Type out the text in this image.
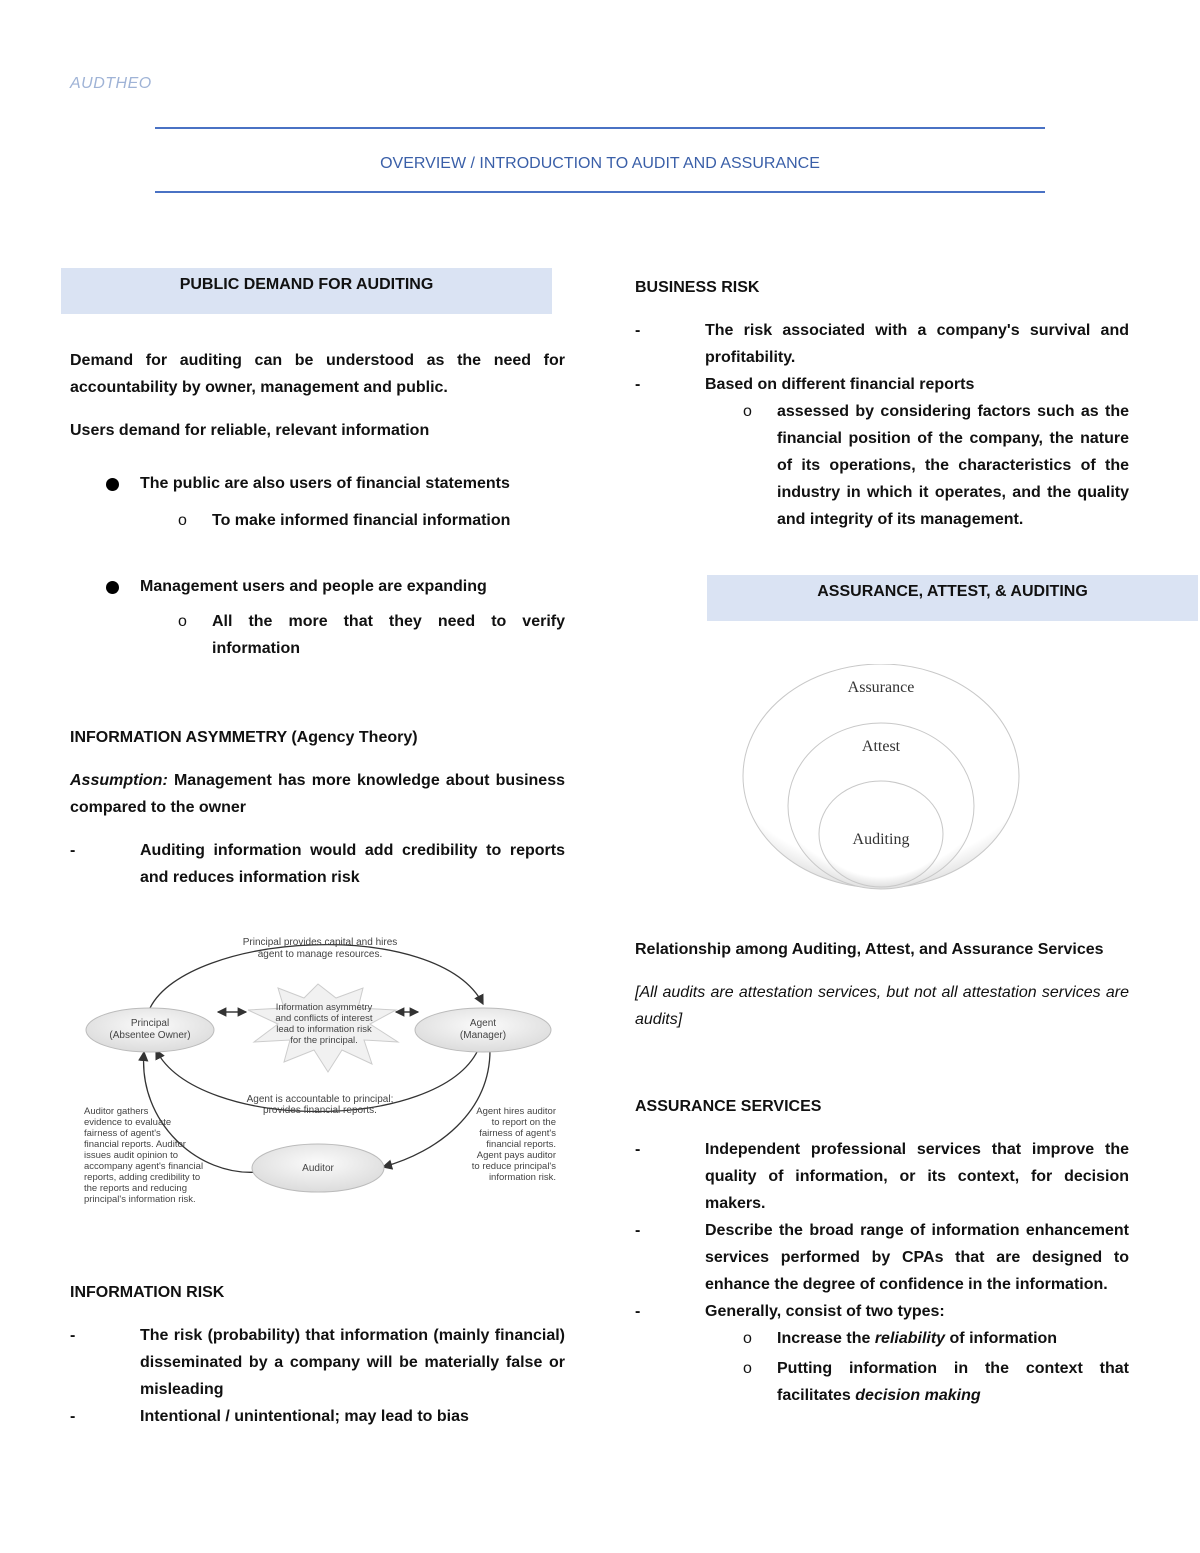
AUDTHEO
OVERVIEW / INTRODUCTION TO AUDIT AND ASSURANCE
PUBLIC DEMAND FOR AUDITING
Demand for auditing can be understood as the need for accountability by owner, management and public.
Users demand for reliable, relevant information
The public are also users of financial statements
o To make informed financial information
Management users and people are expanding
o All the more that they need to verify information
INFORMATION ASYMMETRY (Agency Theory)
Assumption: Management has more knowledge about business compared to the owner
- Auditing information would add credibility to reports and reduces information risk
Principal
(Absentee Owner)
Agent
(Manager)
Information asymmetry
and conflicts of interest
lead to information risk
for the principal.
Principal provides capital and hires
agent to manage resources.
Agent is accountable to principal;
provides financial reports.
Auditor
Auditor gathers
evidence to evaluate
fairness of agent's
financial reports. Auditor
issues audit opinion to
accompany agent's financial
reports, adding credibility to
the reports and reducing
principal's information risk.
Agent hires auditor
to report on the
fairness of agent's
financial reports.
Agent pays auditor
to reduce principal's
information risk.
INFORMATION RISK
- The risk (probability) that information (mainly financial) disseminated by a company will be materially false or misleading
- Intentional / unintentional; may lead to bias
BUSINESS RISK
- The risk associated with a company's survival and profitability.
- Based on different financial reports
o assessed by considering factors such as the financial position of the company, the nature of its operations, the characteristics of the industry in which it operates, and the quality and integrity of its management.
ASSURANCE, ATTEST, & AUDITING
Assurance
Attest
Auditing
Relationship among Auditing, Attest, and Assurance Services
[All audits are attestation services, but not all attestation services are audits]
ASSURANCE SERVICES
- Independent professional services that improve the quality of information, or its context, for decision makers.
- Describe the broad range of information enhancement services performed by CPAs that are designed to enhance the degree of confidence in the information.
- Generally, consist of two types:
o Increase the reliability of information
o Putting information in the context that facilitates decision making
